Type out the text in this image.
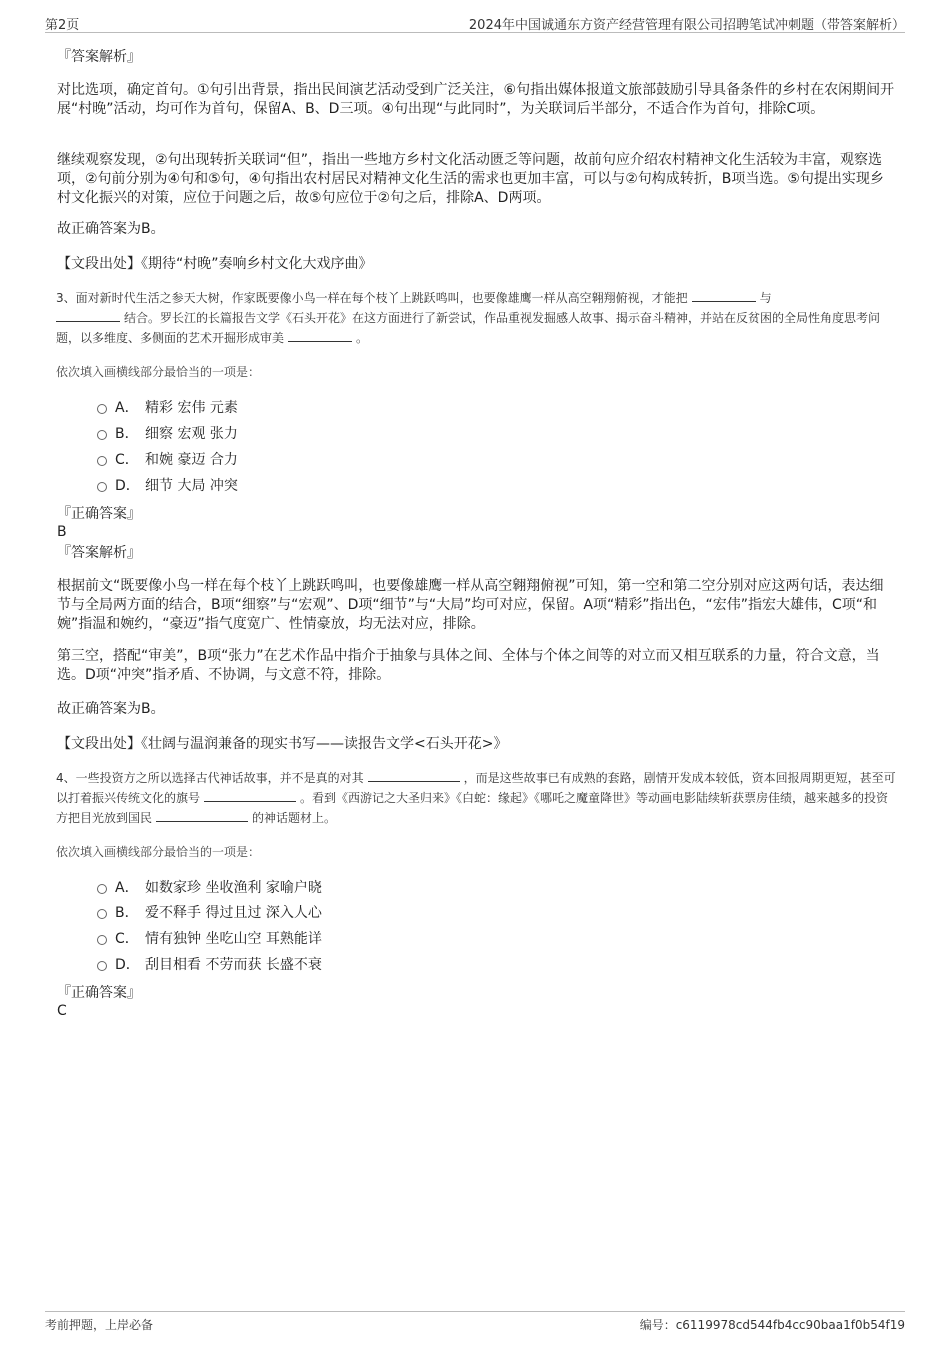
第2页	2024年中国诚通东方资产经营管理有限公司招聘笔试冲刺题（带答案解析）
『答案解析』
对比选项，确定首句。①句引出背景，指出民间演艺活动受到广泛关注，⑥句指出媒体报道文旅部鼓励引导具备条件的乡村在农闲期间开展“村晚”活动，均可作为首句，保留A、B、D三项。④句出现“与此同时”，为关联词后半部分，不适合作为首句，排除C项。
继续观察发现，②句出现转折关联词“但”，指出一些地方乡村文化活动匮乏等问题，故前句应介绍农村精神文化生活较为丰富，观察选项，②句前分别为④句和⑤句，④句指出农村居民对精神文化生活的需求也更加丰富，可以与②句构成转折，B项当选。⑤句提出实现乡村文化振兴的对策，应位于问题之后，故⑤句应位于②句之后，排除A、D两项。
故正确答案为B。
【文段出处】《期待“村晚”奏响乡村文化大戏序曲》
3、面对新时代生活之参天大树，作家既要像小鸟一样在每个枝丫上跳跃鸣叫，也要像雄鹰一样从高空翱翔俯视，才能把	与
结合。罗长江的长篇报告文学《石头开花》在这方面进行了新尝试，作品重视发掘感人故事、揭示奋斗精神，并站在反贫困的全局性角度思考问题，以多维度、多侧面的艺术开掘形成审美	。
依次填入画横线部分最恰当的一项是：
A． 精彩 宏伟 元素
B． 细察 宏观 张力
C． 和婉 豪迈 合力
D． 细节 大局 冲突
『正确答案』
B
『答案解析』
根据前文“既要像小鸟一样在每个枝丫上跳跃鸣叫，也要像雄鹰一样从高空翱翔俯视”可知，第一空和第二空分别对应这两句话，表达细节与全局两方面的结合，B项“细察”与“宏观”、D项“细节”与“大局”均可对应，保留。A项“精彩”指出色，“宏伟”指宏大雄伟，C项“和婉”指温和婉约，“豪迈”指气度宽广、性情豪放，均无法对应，排除。
第三空，搭配“审美”，B项“张力”在艺术作品中指介于抽象与具体之间、全体与个体之间等的对立而又相互联系的力量，符合文意，当选。D项“冲突”指矛盾、不协调，与文意不符，排除。
故正确答案为B。
【文段出处】《壮阔与温润兼备的现实书写——读报告文学<石头开花>》
4、一些投资方之所以选择古代神话故事，并不是真的对其	，而是这些故事已有成熟的套路，剧情开发成本较低，资本回报周期更短，甚至可以打着振兴传统文化的旗号	。看到《西游记之大圣归来》《白蛇：缘起》《哪吒之魔童降世》等动画电影陆续斩获票房佳绩，越来越多的投资方把目光放到国民	的神话题材上。
依次填入画横线部分最恰当的一项是：
A． 如数家珍 坐收渔利 家喻户晓
B． 爱不释手 得过且过 深入人心
C． 情有独钟 坐吃山空 耳熟能详
D． 刮目相看 不劳而获 长盛不衰
『正确答案』
C
考前押题，上岸必备	编号：c6119978cd544fb4cc90baa1f0b54f19
